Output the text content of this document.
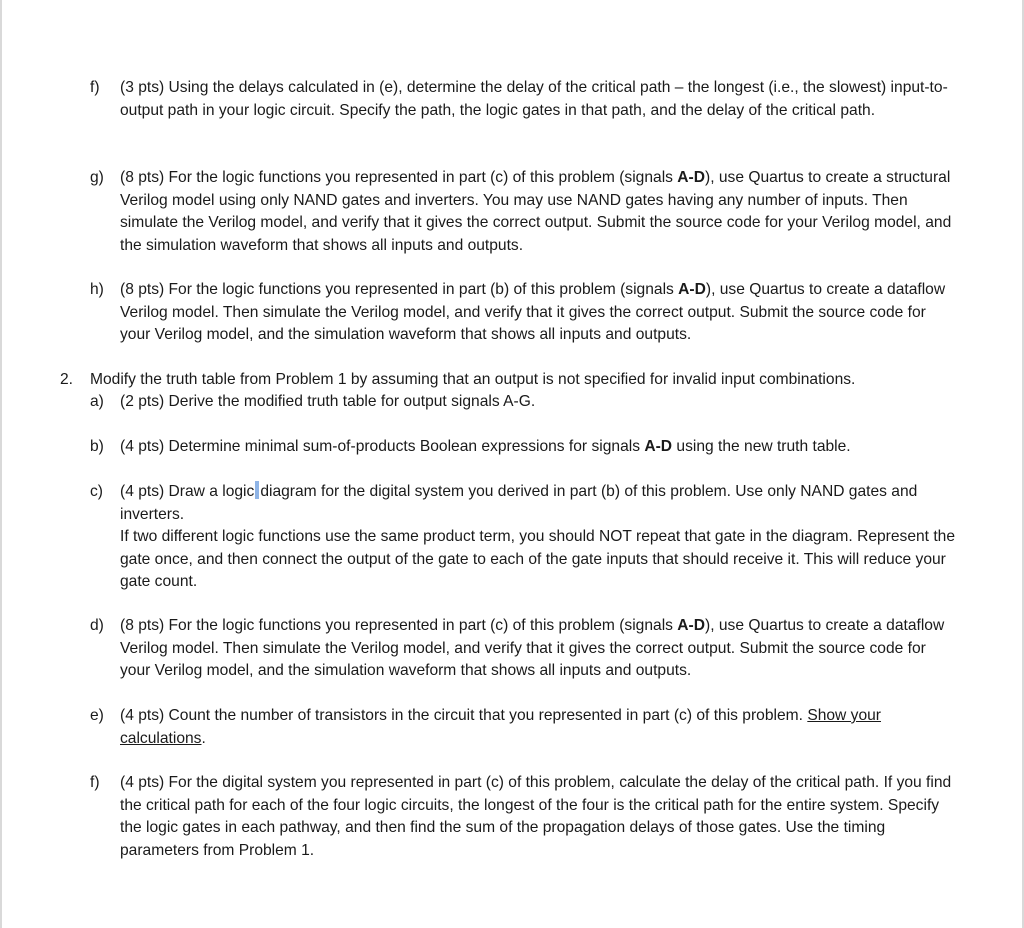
f)	(3 pts) Using the delays calculated in (e), determine the delay of the critical path – the longest (i.e., the slowest) input-to-output path in your logic circuit. Specify the path, the logic gates in that path, and the delay of the critical path.

g)	(8 pts) For the logic functions you represented in part (c) of this problem (signals A-D), use Quartus to create a structural Verilog model using only NAND gates and inverters. You may use NAND gates having any number of inputs. Then simulate the Verilog model, and verify that it gives the correct output. Submit the source code for your Verilog model, and the simulation waveform that shows all inputs and outputs.

h)	(8 pts) For the logic functions you represented in part (b) of this problem (signals A-D), use Quartus to create a dataflow Verilog model. Then simulate the Verilog model, and verify that it gives the correct output. Submit the source code for your Verilog model, and the simulation waveform that shows all inputs and outputs.

2.	Modify the truth table from Problem 1 by assuming that an output is not specified for invalid input combinations.

a)	(2 pts) Derive the modified truth table for output signals A-G.

b)	(4 pts) Determine minimal sum-of-products Boolean expressions for signals A-D using the new truth table.

c)	(4 pts) Draw a logic diagram for the digital system you derived in part (b) of this problem. Use only NAND gates and inverters.

If two different logic functions use the same product term, you should NOT repeat that gate in the diagram. Represent the gate once, and then connect the output of the gate to each of the gate inputs that should receive it. This will reduce your gate count.

d)	(8 pts) For the logic functions you represented in part (c) of this problem (signals A-D), use Quartus to create a dataflow Verilog model. Then simulate the Verilog model, and verify that it gives the correct output. Submit the source code for your Verilog model, and the simulation waveform that shows all inputs and outputs.

e)	(4 pts) Count the number of transistors in the circuit that you represented in part (c) of this problem. Show your calculations.

f)	(4 pts) For the digital system you represented in part (c) of this problem, calculate the delay of the critical path. If you find the critical path for each of the four logic circuits, the longest of the four is the critical path for the entire system. Specify the logic gates in each pathway, and then find the sum of the propagation delays of those gates. Use the timing parameters from Problem 1.
